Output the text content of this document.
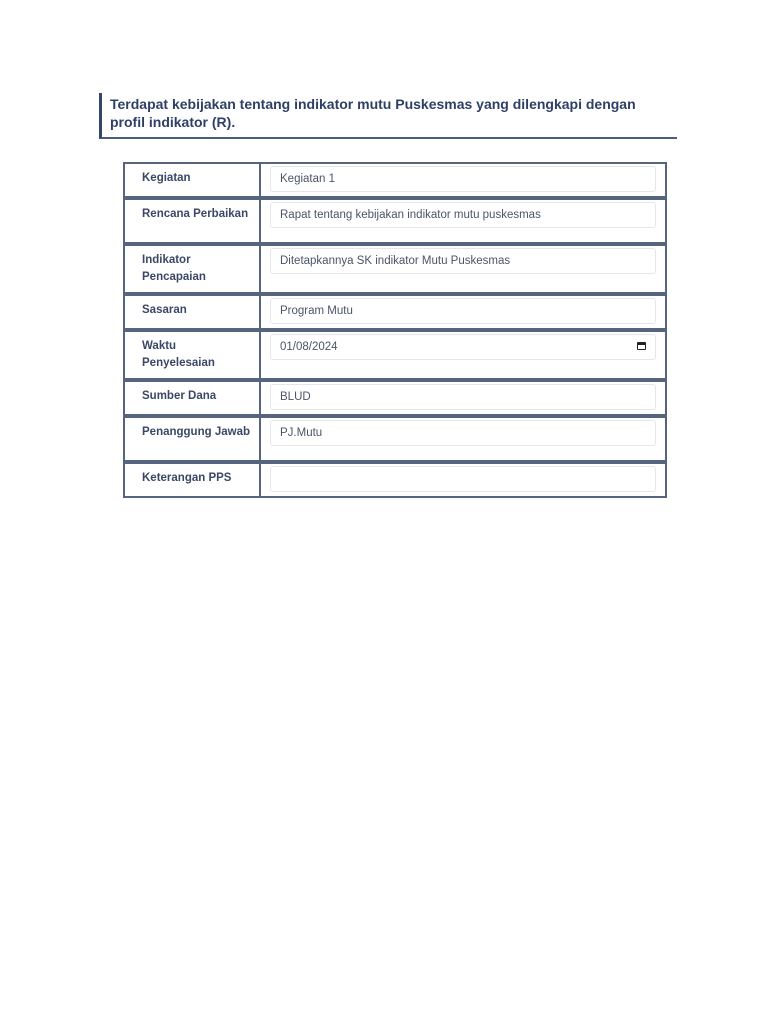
Terdapat kebijakan tentang indikator mutu Puskesmas yang dilengkapi dengan profil indikator (R).
Kegiatan	Kegiatan 1

Rencana Perbaikan	Rapat tentang kebijakan indikator mutu puskesmas

Indikator Pencapaian	Ditetapkannya SK indikator Mutu Puskesmas

Sasaran	Program Mutu

Waktu Penyelesaian	01/08/2024

Sumber Dana	BLUD

Penanggung Jawab	PJ.Mutu

Keterangan PPS	
